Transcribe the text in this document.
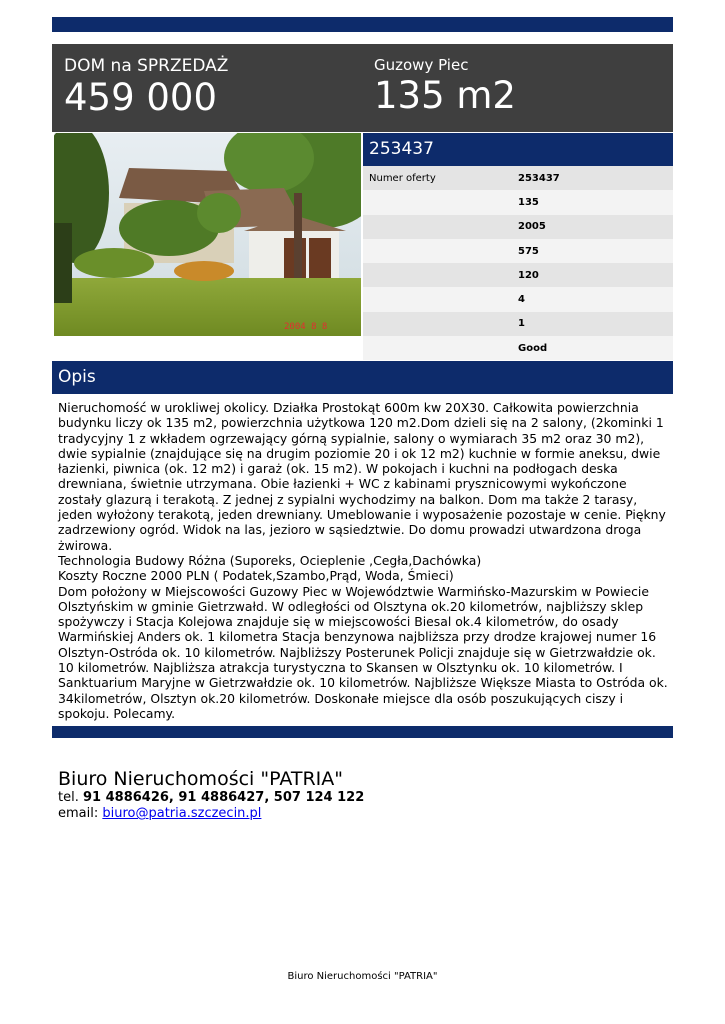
DOM na SPRZEDAŻ
459 000
Guzowy Piec
135 m2
2004 8 8
253437
Numer oferty	253437
135
2005
575
120
4
1
Good
Opis

Nieruchomość w urokliwej okolicy. Działka Prostokąt 600m kw 20X30. Całkowita powierzchnia budynku liczy ok 135 m2, powierzchnia użytkowa 120 m2.Dom dzieli się na 2 salony, (2kominki 1 tradycyjny 1 z wkładem ogrzewający górną sypialnie, salony o wymiarach 35 m2 oraz 30 m2), dwie sypialnie (znajdujące się na drugim poziomie 20 i ok 12 m2) kuchnie w formie aneksu, dwie łazienki, piwnica (ok. 12 m2) i garaż (ok. 15 m2). W pokojach i kuchni na podłogach deska drewniana, świetnie utrzymana. Obie łazienki + WC z kabinami prysznicowymi wykończone zostały glazurą i terakotą. Z jednej z sypialni wychodzimy na balkon. Dom ma także 2 tarasy, jeden wyłożony terakotą, jeden drewniany. Umeblowanie i wyposażenie pozostaje w cenie. Piękny zadrzewiony ogród. Widok na las, jezioro w sąsiedztwie. Do domu prowadzi utwardzona droga żwirowa.

Technologia Budowy Różna (Suporeks, Ocieplenie ,Cegła,Dachówka)

Koszty Roczne 2000 PLN ( Podatek,Szambo,Prąd, Woda, Śmieci)

Dom położony w Miejscowości Guzowy Piec w Województwie Warmińsko-Mazurskim w Powiecie Olsztyńskim w gminie Gietrzwałd. W odległości od Olsztyna ok.20 kilometrów, najbliższy sklep spożywczy i Stacja Kolejowa znajduje się w miejscowości Biesal ok.4 kilometrów, do osady Warmińskiej Anders ok. 1 kilometra Stacja benzynowa najbliższa przy drodze krajowej numer 16 Olsztyn-Ostróda ok. 10 kilometrów. Najbliższy Posterunek Policji znajduje się w Gietrzwałdzie ok. 10 kilometrów. Najbliższa atrakcja turystyczna to Skansen w Olsztynku ok. 10 kilometrów. I Sanktuarium Maryjne w Gietrzwałdzie ok. 10 kilometrów. Najbliższe Większe Miasta to Ostróda ok. 34kilometrów, Olsztyn ok.20 kilometrów. Doskonałe miejsce dla osób poszukujących ciszy i spokoju. Polecamy.

Biuro Nieruchomości "PATRIA"
tel. 91 4886426, 91 4886427, 507 124 122
email: biuro@patria.szczecin.pl
Biuro Nieruchomości "PATRIA"
